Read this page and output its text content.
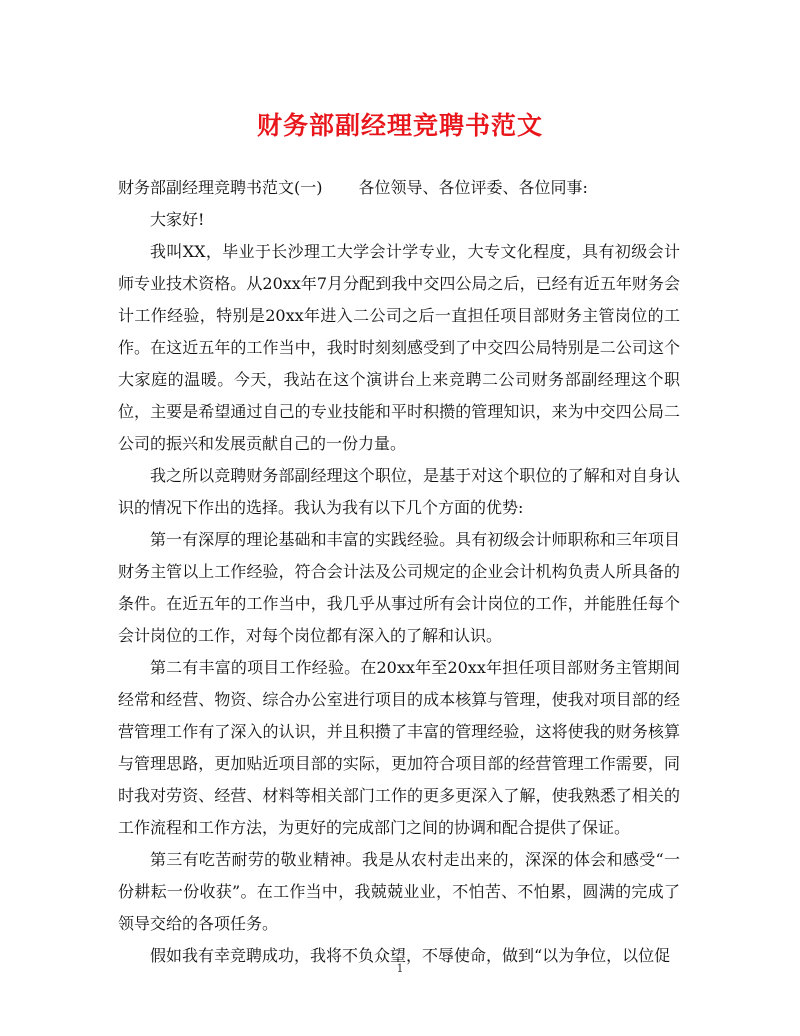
财务部副经理竞聘书范文

财务部副经理竞聘书范文(一) 各位领导、各位评委、各位同事:

大家好!

我叫XX，毕业于长沙理工大学会计学专业，大专文化程度，具有初级会计师专业技术资格。从20xx年7月分配到我中交四公局之后，已经有近五年财务会计工作经验，特别是20xx年进入二公司之后一直担任项目部财务主管岗位的工作。在这近五年的工作当中，我时时刻刻感受到了中交四公局特别是二公司这个大家庭的温暖。今天，我站在这个演讲台上来竞聘二公司财务部副经理这个职位，主要是希望通过自己的专业技能和平时积攒的管理知识，来为中交四公局二公司的振兴和发展贡献自己的一份力量。

我之所以竞聘财务部副经理这个职位，是基于对这个职位的了解和对自身认识的情况下作出的选择。我认为我有以下几个方面的优势:

第一有深厚的理论基础和丰富的实践经验。具有初级会计师职称和三年项目财务主管以上工作经验，符合会计法及公司规定的企业会计机构负责人所具备的条件。在近五年的工作当中，我几乎从事过所有会计岗位的工作，并能胜任每个会计岗位的工作，对每个岗位都有深入的了解和认识。

第二有丰富的项目工作经验。在20xx年至20xx年担任项目部财务主管期间经常和经营、物资、综合办公室进行项目的成本核算与管理，使我对项目部的经营管理工作有了深入的认识，并且积攒了丰富的管理经验，这将使我的财务核算与管理思路，更加贴近项目部的实际，更加符合项目部的经营管理工作需要，同时我对劳资、经营、材料等相关部门工作的更多更深入了解，使我熟悉了相关的工作流程和工作方法，为更好的完成部门之间的协调和配合提供了保证。

第三有吃苦耐劳的敬业精神。我是从农村走出来的，深深的体会和感受“一份耕耘一份收获”。在工作当中，我兢兢业业，不怕苦、不怕累，圆满的完成了领导交给的各项任务。

假如我有幸竞聘成功，我将不负众望，不辱使命，做到“以为争位，以位促

1
